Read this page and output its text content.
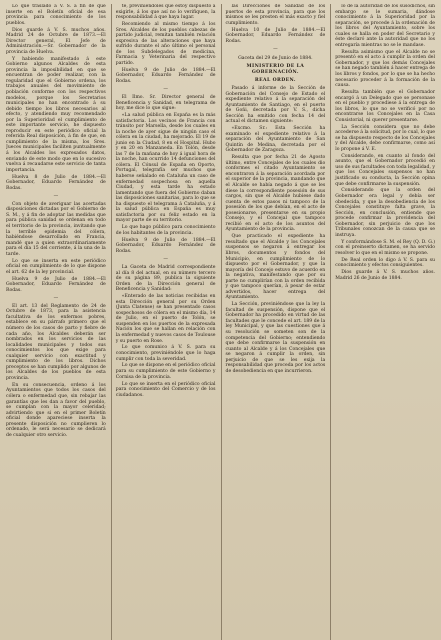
Lo que traslado á V. S. á fin de que inserte en el Boletín oficial de esa provincia para conocimiento de los pueblos.

Dios guarde á V. S. muchos años. Madrid 24 de Octubre de 1873.—El Director general, El Jefe de Administración.—Sr. Gobernador de la provincia de Huelva.

Y habiendo manifestado á este Gobierno algunos Alcaldes de esta provincia la imposibilidad en que se encuentran de poder realizar, con la regularidad que el Gobierno ordena, los trabajos anuales del movimiento de población conforme con los respectivos modelos, porque los Secretarios municipales no han encontrado á su debido tiempo los libros necesarios al efecto, y atendiendo muy recomendado por la Superioridad el cumplimiento de este importante servicio, he dispuesto reproducir en este periódico oficial la referida Real disposición, á fin de que, en cumplimiento de la misma, los Sres. Jueces municipales faciliten puntualmente á los Alcaldes los expresados datos, enviando de este modo que en lo sucesivo vuelva á recaudarse este servicio de tanta importancia.

Huelva 8 de Julio de 1884.—El Gobernador, Eduardo Fernández de Rodas.

—

Con objeto de averiguar las acertadas disposiciones dictadas por el Gobierno de S. M., y á fin de adoptar las medidas que para pública sanidad se ordenan en todo el territorio de la provincia, invitando que la terrible epidemia del cólera, habiéndose desarrollado en Francia, mandé que a quien extraordinariamente para el día 15 del corriente, á la una de la tarde.

Lo que se inserta en este periódico oficial en cumplimiento de lo que dispone el art. 62 de la ley provincial.

Huelva 9 de Julio de 1884.—El Gobernador, Eduardo Fernández de Rodas.

—

El art. 13 del Reglamento de 24 de Octubre de 1873, para la asistencia facultativa de los enfermos pobres, establece en su párrafo primero que el número de los casos de parto y fiebre de cada año, los Alcaldes deberán ser nombrados en los servicios de las localidades municipales y todos sus conocimientos los que exige para cualquier servicio con exactitud y cumplimiento de los libros. Dichos preceptos se han cumplido por algunos de los Alcaldes de los pueblos de esta provincia.

En su consecuencia, ordeno á los Ayuntamientos que todos los casos del cólera o enfermedad que, sin rebajar las garantías que les dan a favor del pueblo, se cumplan con la mayor celeridad; advirtiendo que si en el primer Boletín oficial donde apareciese inserta la presente disposición no cumplieren lo ordenado, le será necesario se dedicará de cualquier otro servicio.

te, previniéndoles que estoy dispuesto á exigirle, á los que así no lo verifiquen, la responsabilidad á que haya lugar.

Recomiendo al mismo tiempo á los Sres. Alcaldes de los pueblos cabezas de partido judicial, remitan también relación expresiva de las alteraciones que haya sufrido durante el año último el personal de los Subdelegados de medicina, Farmacia y Veterinaria del respectivo partido.

Huelva 9 de Julio de 1884.—El Gobernador, Eduardo Fernández de Rodas.

—

El Ilmo. Sr. Director general de Beneficencia y Sanidad, en telegrama de hoy, me dice lo que sigue:

«La salud pública en España es la más satisfactoria. Los vecinos de Francia con tránsito por Marsella, desde los cuales en la noche de ayer sigue de ningún caso el cólera en la ciudad, ha mejorado. El 19 de junio en la Ciudad, 8 en el Hospital. Hubo y en 20 en Manzaneda. En Tolón, desde las 7 de la mañana de hoy á igual hora de la noche, han ocurrido 14 defunciones del cólera. El Cónsul de España en Oporto, Portugal, telegrafía ser muchos que haberse señalado en Cataluña un caso de enfermedad sospechosa en aquella Ciudad, y esta tarde ha estado lamentando que fuera del Gobierno daban las disposiciones sanitarias, para lo que se ha dispuesto el telegrama á Cataluña, y á la salud pública en España es muy satisfactoria por su feliz estado en la mayor parte de su territorio.

Lo que hago público para conocimiento de los habitantes de la provincia.

Huelva 9 de Julio de 1884.—El Gobernador, Eduardo Fernández de Rodas.

—

La Gaceta de Madrid correspondiente al día 8 del actual, en su número tercero de su página 89, publica la siguiente Orden de la Dirección general de Beneficencia y Sanidad:

«Enterado de las noticias recibidas en esta Dirección general por su Orden (Junta Clatense) se han presentado casos sospechosos de cólera en el mismo día, 14 de Julio, en el puerto de Tolón, se suspenden en los puertos de la expresada Nación los que se hallan en relación con la enfermedad y nuevos casos de Toulouse y su puerto en Rose.

Lo que comunico á V. S. para su conocimiento, previniéndole que lo haga cumplir con toda la severidad.

Lo que se dispone en el periódico oficial para su cumplimiento de este Gobierno y Cornisa de la provincia.

Lo que se inserta en el periódico oficial para conocimiento del Comercio y de los ciudadanos.

las Direcciones de Sanidad de los puertos de esta provincia, para que los mismos se les presten el más exacto y fiel cumplimiento.

Huelva 10 de Julio de 1884.—El Gobernador, Eduardo Fernández de Rodas.

—

Gaceta del 29 de Junio de 1884.

MINISTERIO DE LA GOBERNACIÓN.

REAL ORDEN.

Pasado á informe de la Sección de Gobernación del Consejo de Estado el expediente relativo á la separación del Ayuntamiento de Santiago, en el puerto de Goñi, decretada por V. S., dicha Sección ha emitido con fecha 14 del actual el dictamen siguiente:

«Excmo. Sr.: Esta Sección ha examinado el expediente relativo á la separación del Ayuntamiento de San Quintín de Medina, decretada por el Gobernador de Zaragoza.

Resulta que por fecha 21 de Agosto último, entre Concejales de los cuales dio conformes el citado Ayuntamiento se encontraron á la separación acordada por el superior de la provincia, mandando que el Alcalde se había negado á que se les diese la correspondiente posesión de sus cargos, sin que el Alcalde hubiese dado cuenta de estos pasos ni tampoco de la posesión de los que debían, en el acto de posesionarse, presentarse en su propio Consejo, y el Concejal que tampoco recibió en el acto de los asuntos del Ayuntamiento de la provincia.

Que practicado el expediente ha resultado que el Alcalde y los Concejales suspensos se negaron á entregar los libros, documentos y fondos del Municipio, en cumplimiento de lo dispuesto por el Gobernador, y que la mayoría del Concejo estuvo de acuerdo en la negativa, manifestando que por su parte no cumplirían con la orden recibida y que tampoco querían, á pesar de estar advertidos, hacer entrega del Ayuntamiento.

La Sección, previniéndose que la ley la facultad de suspensión, dispone que el Gobernador ha procedido en virtud de las facultades que le concede el art. 189 de la ley Municipal, y que las cuestiones que á su resolución se someten son de la competencia del Gobierno; entendiendo que debe confirmarse la suspensión en cuanto al Alcalde y á los Concejales que se negaron á cumplir la orden, sin perjuicio de que se les exija la responsabilidad que proceda por los actos de desobediencia en que incurrieron.

lo de la autoridad de los susodichos, sin embargo se le sumaria, dándose conocimiento á la Superioridad por la separación, se procede á la ordenación de los libros del Ayuntamiento, sobre los cuales se halla en poder del Secretario y éste declaró ante la autoridad que no los entregaría mientras no se le mandase.

Resulta asimismo que el Alcalde no se presentó en el acto á cumplir la orden del Gobernador, y que los demás Concejales se han negado también á hacer entrega de los libros y fondos, por lo que se ha hecho necesario proceder á la formación de la causa.

Resulta también que el Gobernador encargó á un Delegado que se personase en el pueblo y procediese á la entrega de los libros, lo que no se verificó por no encontrarse los Concejales en la Casa Consistorial, ni querer presentarse.

La Sección considera que no debe accederse á la solicitud, por lo cual, lo que se ha dispuesto respecto de los Concejales y del Alcalde, debe confirmarse, como así lo propone á V. E.

Considerando, en cuanto al fondo del asunto, que el Gobernador procedió en uso de sus facultades con toda legalidad, y que los Concejales suspensos no han justificado su conducta, la Sección opina que debe confirmarse la suspensión.

Considerando que la orden del Gobernador era legal y debía ser obedecida, y que la desobediencia de los Concejales constituye falta grave, la Sección, en conclusión, entiende que procede confirmar la providencia del Gobernador, sin perjuicio de que los Tribunales conozcan de la causa que se instruya.

Y conformándose S. M. el Rey (Q. D. G.) con el preinserto dictamen, se ha servido resolver lo que en el mismo se propone.

De Real orden lo digo á V. S. para su conocimiento y efectos consiguientes.

Dios guarde á V. S. muchos años. Madrid 26 de Junio de 1884.
